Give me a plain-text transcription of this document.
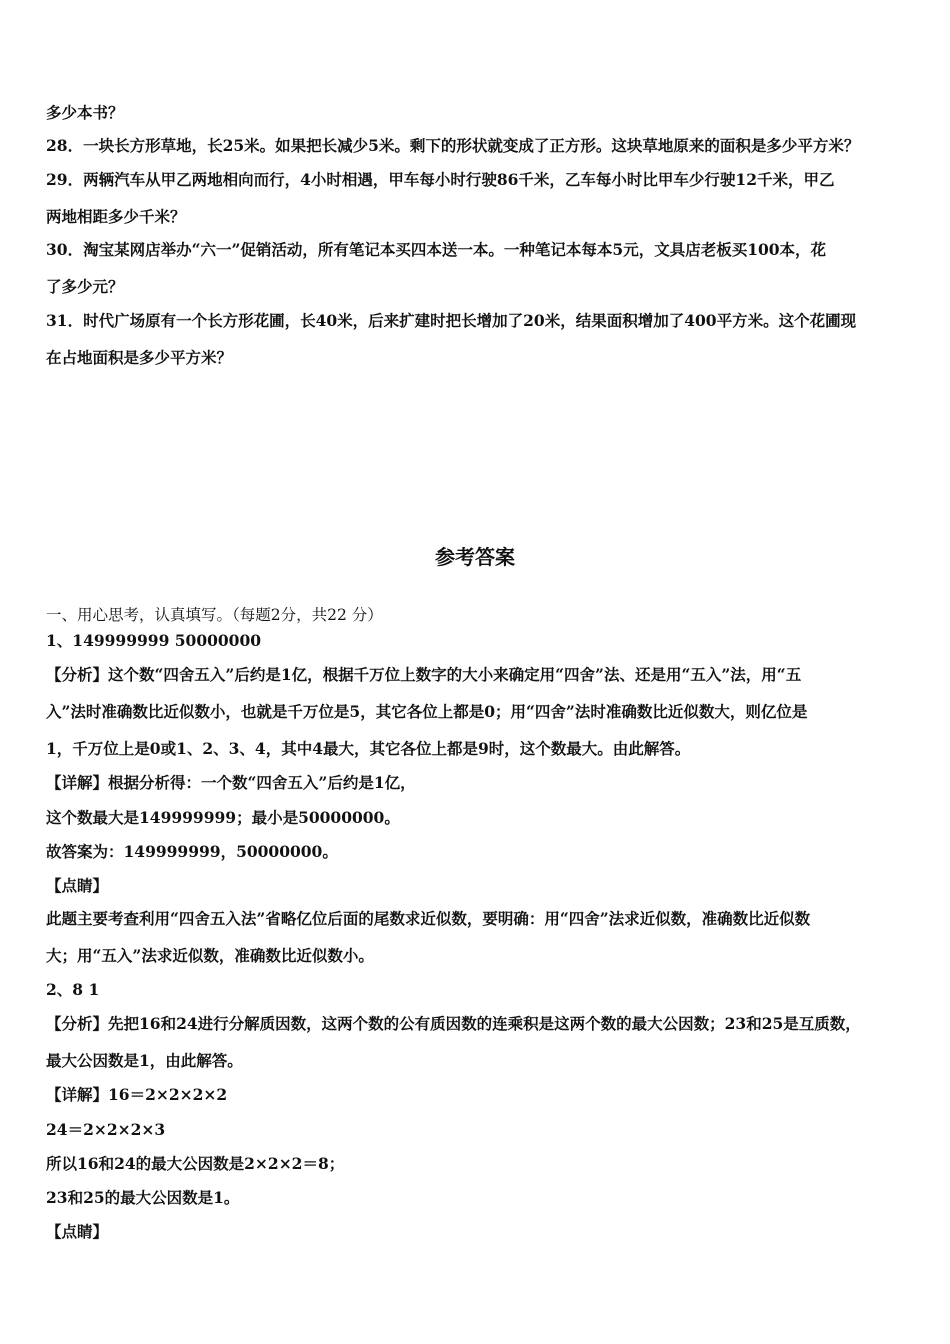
多少本书？
28．一块长方形草地，长25米。如果把长减少5米。剩下的形状就变成了正方形。这块草地原来的面积是多少平方米？
29．两辆汽车从甲乙两地相向而行，4小时相遇，甲车每小时行驶86千米，乙车每小时比甲车少行驶12千米，甲乙
两地相距多少千米？
30．淘宝某网店举办“六一”促销活动，所有笔记本买四本送一本。一种笔记本每本5元，文具店老板买100本，花
了多少元？
31．时代广场原有一个长方形花圃，长40米，后来扩建时把长增加了20米，结果面积增加了400平方米。这个花圃现
在占地面积是多少平方米？
参考答案
一、用心思考，认真填写。（每题2分，共22 分）
1、149999999 50000000
【分析】这个数“四舍五入”后约是1亿，根据千万位上数字的大小来确定用“四舍”法、还是用“五入”法，用“五
入”法时准确数比近似数小，也就是千万位是5，其它各位上都是0；用“四舍”法时准确数比近似数大，则亿位是
1，千万位上是0或1、2、3、4，其中4最大，其它各位上都是9时，这个数最大。由此解答。
【详解】根据分析得：一个数“四舍五入”后约是1亿，
这个数最大是149999999；最小是50000000。
故答案为：149999999，50000000。
【点睛】
此题主要考查利用“四舍五入法”省略亿位后面的尾数求近似数，要明确：用“四舍”法求近似数，准确数比近似数
大；用“五入”法求近似数，准确数比近似数小。
2、8 1
【分析】先把16和24进行分解质因数，这两个数的公有质因数的连乘积是这两个数的最大公因数；23和25是互质数，
最大公因数是1，由此解答。
【详解】16＝2×2×2×2
24＝2×2×2×3
所以16和24的最大公因数是2×2×2＝8；
23和25的最大公因数是1。
【点睛】
